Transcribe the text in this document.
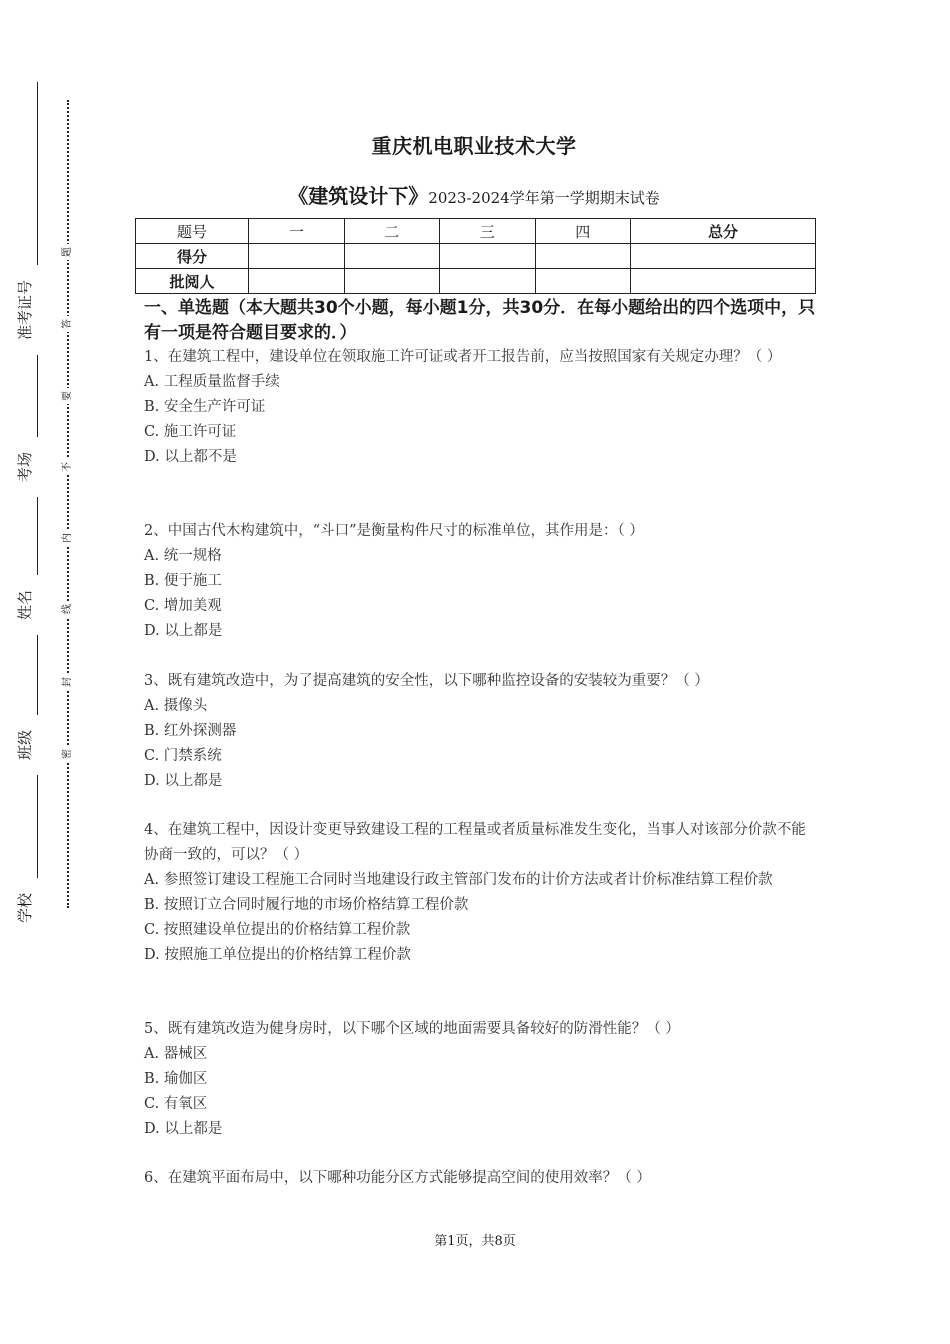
准考证号
考场
姓名
班级
学校
题
答
要
不
内
线
封
密
重庆机电职业技术大学
《建筑设计下》2023-2024学年第一学期期末试卷
题号	一	二	三	四	总分
得分					
批阅人					
一、单选题（本大题共30个小题，每小题1分，共30分．在每小题给出的四个选项中，只有一项是符合题目要求的．）
1、在建筑工程中，建设单位在领取施工许可证或者开工报告前，应当按照国家有关规定办理？（ ）
A. 工程质量监督手续
B. 安全生产许可证
C. 施工许可证
D. 以上都不是
2、中国古代木构建筑中，“斗口”是衡量构件尺寸的标准单位，其作用是：（ ）
A. 统一规格
B. 便于施工
C. 增加美观
D. 以上都是
3、既有建筑改造中，为了提高建筑的安全性，以下哪种监控设备的安装较为重要？（ ）
A. 摄像头
B. 红外探测器
C. 门禁系统
D. 以上都是
4、在建筑工程中，因设计变更导致建设工程的工程量或者质量标准发生变化，当事人对该部分价款不能协商一致的，可以？（ ）
A. 参照签订建设工程施工合同时当地建设行政主管部门发布的计价方法或者计价标准结算工程价款
B. 按照订立合同时履行地的市场价格结算工程价款
C. 按照建设单位提出的价格结算工程价款
D. 按照施工单位提出的价格结算工程价款
5、既有建筑改造为健身房时，以下哪个区域的地面需要具备较好的防滑性能？（ ）
A. 器械区
B. 瑜伽区
C. 有氧区
D. 以上都是
6、在建筑平面布局中，以下哪种功能分区方式能够提高空间的使用效率？（ ）
第1页，共8页
